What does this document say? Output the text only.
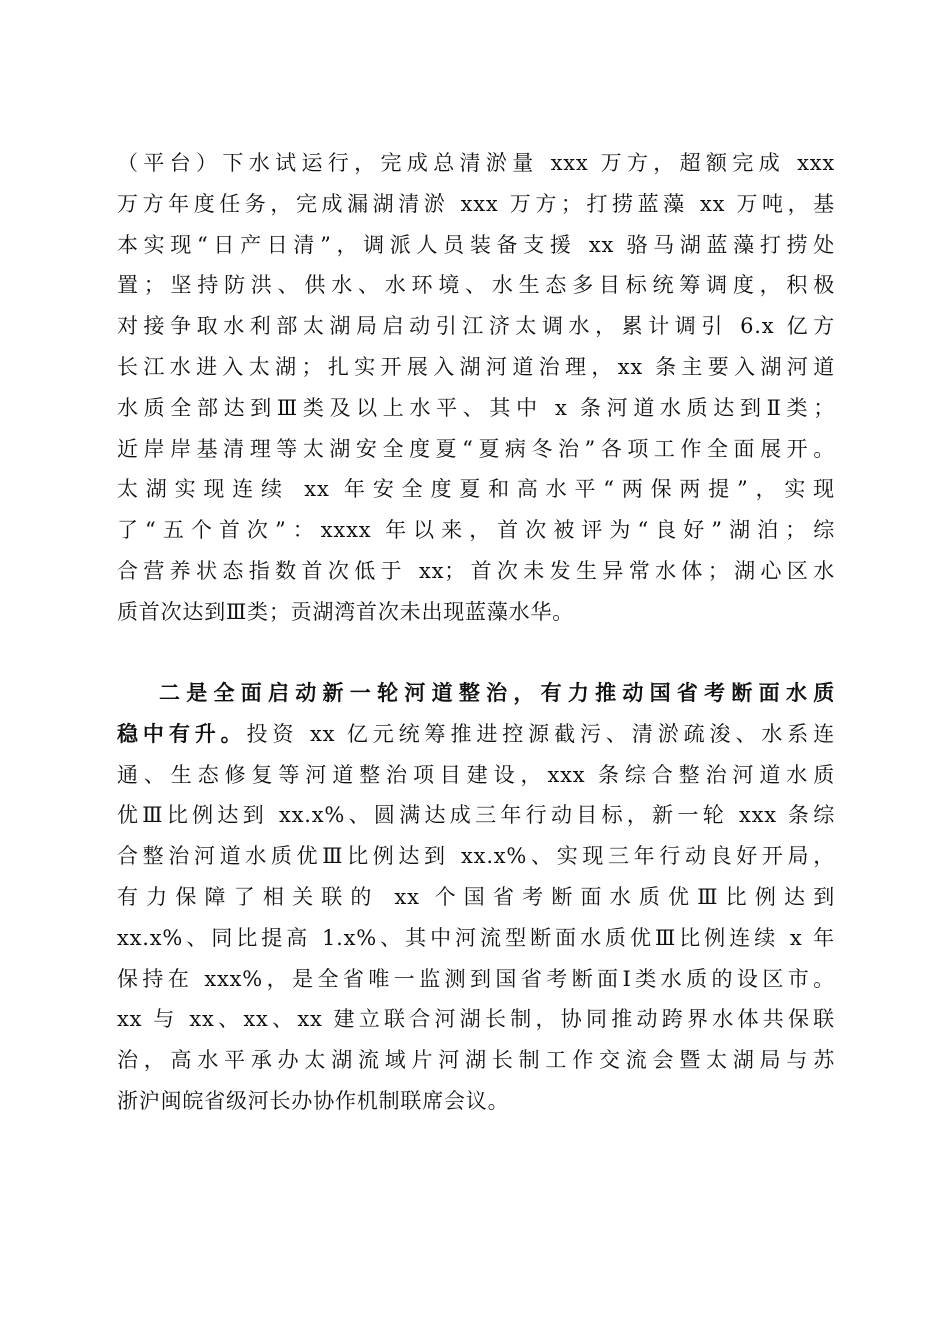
（平台）下水试运行，完成总清淤量 xxx 万方，超额完成 xxx
万方年度任务，完成漏湖清淤 xxx 万方；打捞蓝藻 xx 万吨，基
本实现“日产日清”，调派人员装备支援 xx 骆马湖蓝藻打捞处
置；坚持防洪、供水、水环境、水生态多目标统筹调度，积极
对接争取水利部太湖局启动引江济太调水，累计调引 6.x 亿方
长江水进入太湖；扎实开展入湖河道治理，xx 条主要入湖河道
水质全部达到Ⅲ类及以上水平、其中 x 条河道水质达到Ⅱ类；
近岸岸基清理等太湖安全度夏“夏病冬治”各项工作全面展开。
太湖实现连续 xx 年安全度夏和高水平“两保两提”，实现
了“五个首次”：xxxx 年以来，首次被评为“良好”湖泊；综
合营养状态指数首次低于 xx；首次未发生异常水体；湖心区水
质首次达到Ⅲ类；贡湖湾首次未出现蓝藻水华。
二是全面启动新一轮河道整治，有力推动国省考断面水质
稳中有升。投资 xx 亿元统筹推进控源截污、清淤疏浚、水系连
通、生态修复等河道整治项目建设，xxx 条综合整治河道水质
优Ⅲ比例达到 xx.x%、圆满达成三年行动目标，新一轮 xxx 条综
合整治河道水质优Ⅲ比例达到 xx.x%、实现三年行动良好开局，
有力保障了相关联的 xx 个国省考断面水质优Ⅲ比例达到
xx.x%、同比提高 1.x%、其中河流型断面水质优Ⅲ比例连续 x 年
保持在 xxx%，是全省唯一监测到国省考断面Ⅰ类水质的设区市。
xx 与 xx、xx、xx 建立联合河湖长制，协同推动跨界水体共保联
治，高水平承办太湖流域片河湖长制工作交流会暨太湖局与苏
浙沪闽皖省级河长办协作机制联席会议。
